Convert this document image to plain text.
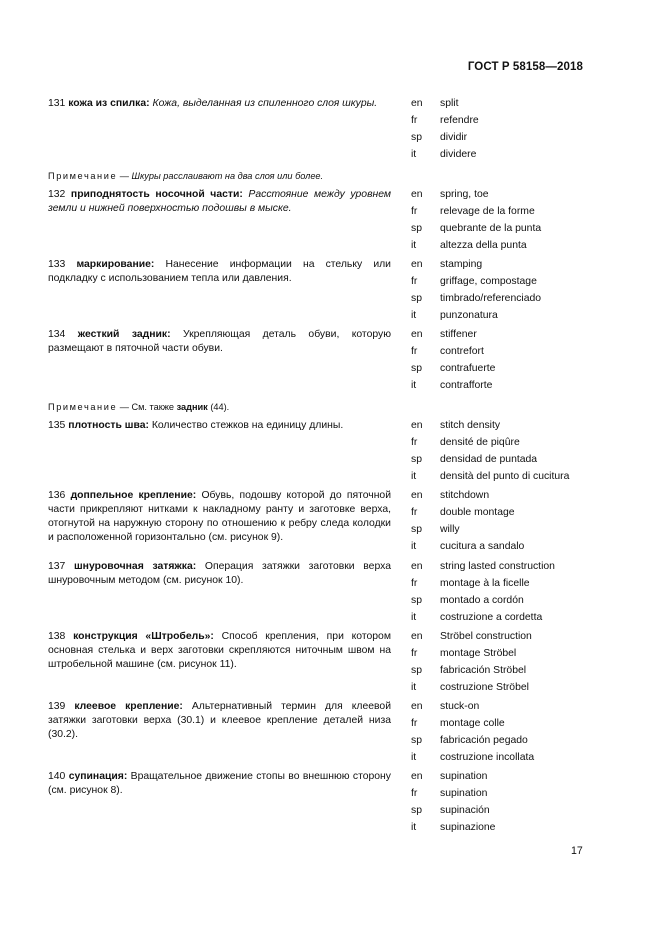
ГОСТ Р 58158—2018
131 кожа из спилка: Кожа, выделанная из спиленного слоя шкуры.	en split
fr refendre
sp dividir
it dividere
Примечание — Шкуры расслаивают на два слоя или более.
132 приподнятость носочной части: Расстояние между уровнем земли и нижней поверхностью подошвы в мыске.
en spring, toe
fr relevage de la forme
sp quebrante de la punta
it altezza della punta
133 маркирование: Нанесение информации на стельку или подкладку с использованием тепла или давления.
en stamping
fr griffage, compostage
sp timbrado/referenciado
it punzonatura
134 жесткий задник: Укрепляющая деталь обуви, которую размещают в пяточной части обуви.
en stiffener
fr contrefort
sp contrafuerte
it contrafforte
Примечание — См. также задник (44).
135 плотность шва: Количество стежков на единицу длины.	en stitch density
fr densité de piqûre
sp densidad de puntada
it densità del punto di cucitura
136 доппельное крепление: Обувь, подошву которой до пяточной части прикрепляют нитками к накладному ранту и заготовке верха, отогнутой на наружную сторону по отношению к ребру следа колодки и расположенной горизонтально (см. рисунок 9).
en stitchdown
fr double montage
sp willy
it cucitura a sandalo
137 шнуровочная затяжка: Операция затяжки заготовки верха шнуровочным методом (см. рисунок 10).
en string lasted construction
fr montage à la ficelle
sp montado a cordón
it costruzione a cordetta
138 конструкция «Штробель»: Способ крепления, при котором основная стелька и верх заготовки скрепляются ниточным швом на штробельной машине (см. рисунок 11).
en Ströbel construction
fr montage Ströbel
sp fabricación Ströbel
it costruzione Ströbel
139 клеевое крепление: Альтернативный термин для клеевой затяжки заготовки верха (30.1) и клеевое крепление деталей низа (30.2).
en stuck-on
fr montage colle
sp fabricación pegado
it costruzione incollata
140 супинация: Вращательное движение стопы во внешнюю сторону (см. рисунок 8).
en supination
fr supination
sp supinación
it supinazione
17
